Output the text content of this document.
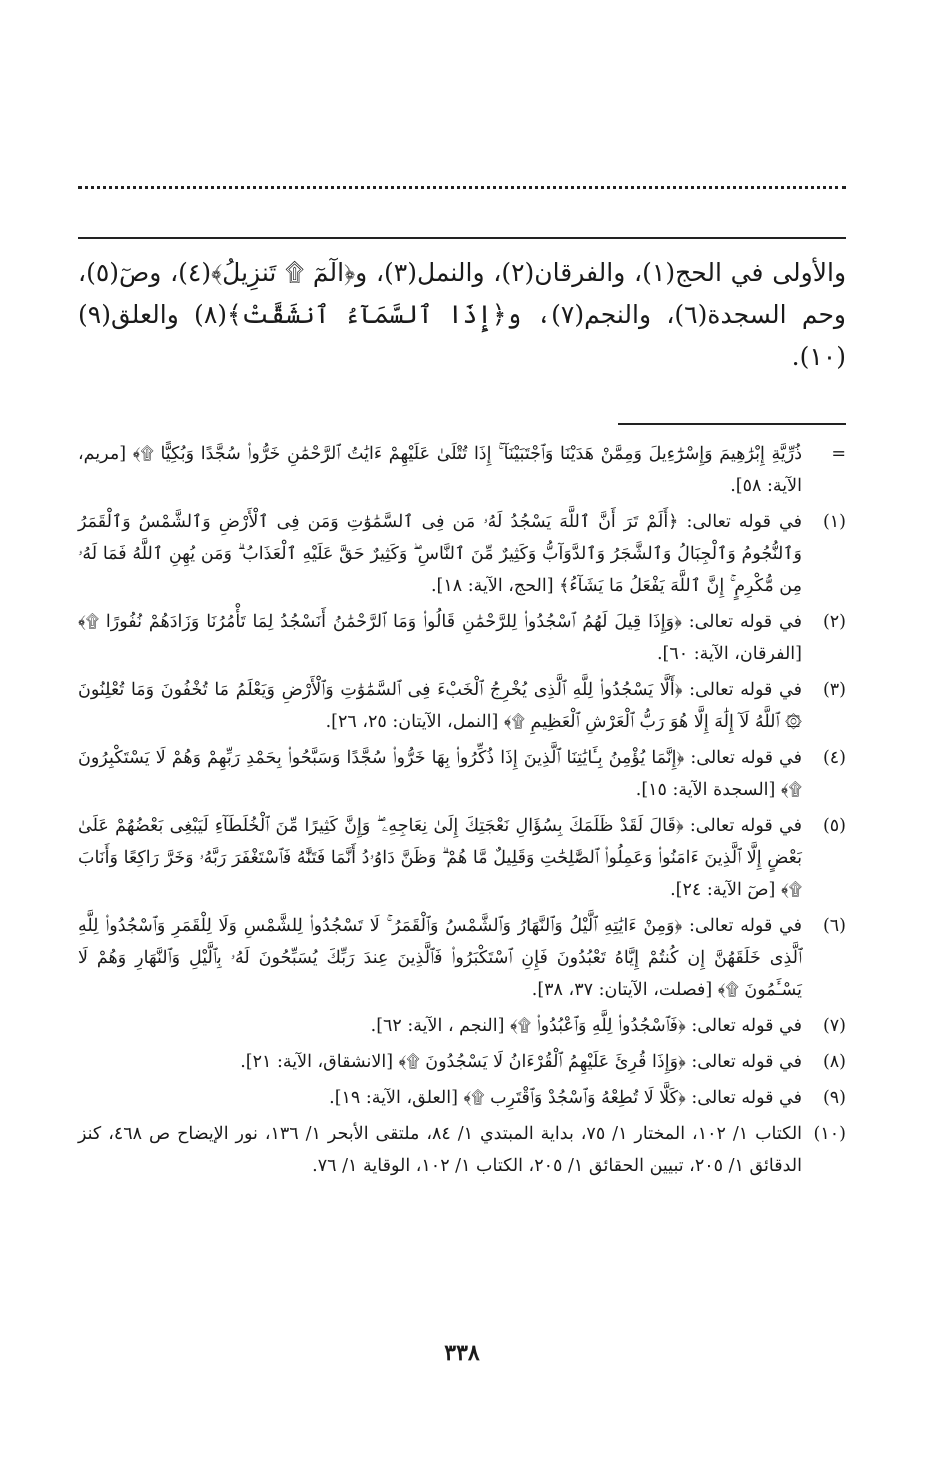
والأولى في الحج(١)، والفرقان(٢)، والنمل(٣)، و﴿الٓمٓ ۩ تَنزِيلُ﴾(٤)، وصٓ(٥)، وحم السجدة(٦)، والنجم(٧)، و﴿إِذَا ٱلسَّمَآءُ ٱنشَقَّتْ﴾(٨) والعلق(٩) (١٠).

=
ذُرِّيَّةِ إِبْرَٰهِيمَ وَإِسْرَٰٓءِيلَ وَمِمَّنْ هَدَيْنَا وَٱجْتَبَيْنَآ ۚ إِذَا تُتْلَىٰ عَلَيْهِمْ ءَايَٰتُ ٱلرَّحْمَٰنِ خَرُّوا۟ سُجَّدًا وَبُكِيًّا ۩﴾ [مريم، الآية: ٥٨].
(١)
في قوله تعالى: ﴿أَلَمْ تَرَ أَنَّ ٱللَّهَ يَسْجُدُ لَهُۥ مَن فِى ٱلسَّمَٰوَٰتِ وَمَن فِى ٱلْأَرْضِ وَٱلشَّمْسُ وَٱلْقَمَرُ وَٱلنُّجُومُ وَٱلْجِبَالُ وَٱلشَّجَرُ وَٱلدَّوَآبُّ وَكَثِيرٌ مِّنَ ٱلنَّاسِ ۖ وَكَثِيرٌ حَقَّ عَلَيْهِ ٱلْعَذَابُ ۗ وَمَن يُهِنِ ٱللَّهُ فَمَا لَهُۥ مِن مُّكْرِمٍ ۚ إِنَّ ٱللَّهَ يَفْعَلُ مَا يَشَآءُ﴾ [الحج، الآية: ١٨].
(٢)
في قوله تعالى: ﴿وَإِذَا قِيلَ لَهُمُ ٱسْجُدُوا۟ لِلرَّحْمَٰنِ قَالُوا۟ وَمَا ٱلرَّحْمَٰنُ أَنَسْجُدُ لِمَا تَأْمُرُنَا وَزَادَهُمْ نُفُورًا ۩﴾ [الفرقان، الآية: ٦٠].
(٣)
في قوله تعالى: ﴿أَلَّا يَسْجُدُوا۟ لِلَّهِ ٱلَّذِى يُخْرِجُ ٱلْخَبْءَ فِى ٱلسَّمَٰوَٰتِ وَٱلْأَرْضِ وَيَعْلَمُ مَا تُخْفُونَ وَمَا تُعْلِنُونَ ۞ ٱللَّهُ لَآ إِلَٰهَ إِلَّا هُوَ رَبُّ ٱلْعَرْشِ ٱلْعَظِيمِ ۩﴾ [النمل، الآيتان: ٢٥، ٢٦].
(٤)
في قوله تعالى: ﴿إِنَّمَا يُؤْمِنُ بِـَٔايَٰتِنَا ٱلَّذِينَ إِذَا ذُكِّرُوا۟ بِهَا خَرُّوا۟ سُجَّدًا وَسَبَّحُوا۟ بِحَمْدِ رَبِّهِمْ وَهُمْ لَا يَسْتَكْبِرُونَ ۩﴾ [السجدة الآية: ١٥].
(٥)
في قوله تعالى: ﴿قَالَ لَقَدْ ظَلَمَكَ بِسُؤَالِ نَعْجَتِكَ إِلَىٰ نِعَاجِهِۦ ۖ وَإِنَّ كَثِيرًا مِّنَ ٱلْخُلَطَآءِ لَيَبْغِى بَعْضُهُمْ عَلَىٰ بَعْضٍ إِلَّا ٱلَّذِينَ ءَامَنُوا۟ وَعَمِلُوا۟ ٱلصَّٰلِحَٰتِ وَقَلِيلٌ مَّا هُمْ ۗ وَظَنَّ دَاوُۥدُ أَنَّمَا فَتَنَّٰهُ فَٱسْتَغْفَرَ رَبَّهُۥ وَخَرَّ رَاكِعًا وَأَنَابَ ۩﴾ [صٓ الآية: ٢٤].
(٦)
في قوله تعالى: ﴿وَمِنْ ءَايَٰتِهِ ٱلَّيْلُ وَٱلنَّهَارُ وَٱلشَّمْسُ وَٱلْقَمَرُ ۚ لَا تَسْجُدُوا۟ لِلشَّمْسِ وَلَا لِلْقَمَرِ وَٱسْجُدُوا۟ لِلَّهِ ٱلَّذِى خَلَقَهُنَّ إِن كُنتُمْ إِيَّاهُ تَعْبُدُونَ فَإِنِ ٱسْتَكْبَرُوا۟ فَٱلَّذِينَ عِندَ رَبِّكَ يُسَبِّحُونَ لَهُۥ بِٱلَّيْلِ وَٱلنَّهَارِ وَهُمْ لَا يَسْـَٔمُونَ ۩﴾ [فصلت، الآيتان: ٣٧، ٣٨].
(٧)
في قوله تعالى: ﴿فَٱسْجُدُوا۟ لِلَّهِ وَٱعْبُدُوا۟ ۩﴾ [النجم ، الآية: ٦٢].
(٨)
في قوله تعالى: ﴿وَإِذَا قُرِئَ عَلَيْهِمُ ٱلْقُرْءَانُ لَا يَسْجُدُونَ ۩﴾ [الانشقاق، الآية: ٢١].
(٩)
في قوله تعالى: ﴿كَلَّا لَا تُطِعْهُ وَٱسْجُدْ وَٱقْتَرِب ۩﴾ [العلق، الآية: ١٩].
(١٠)
الكتاب ١/ ١٠٢، المختار ١/ ٧٥، بداية المبتدي ١/ ٨٤، ملتقى الأبحر ١/ ١٣٦، نور الإيضاح ص ٤٦٨، كنز الدقائق ١/ ٢٠٥، تبيين الحقائق ١/ ٢٠٥، الكتاب ١/ ١٠٢، الوقاية ١/ ٧٦.
٣٣٨
